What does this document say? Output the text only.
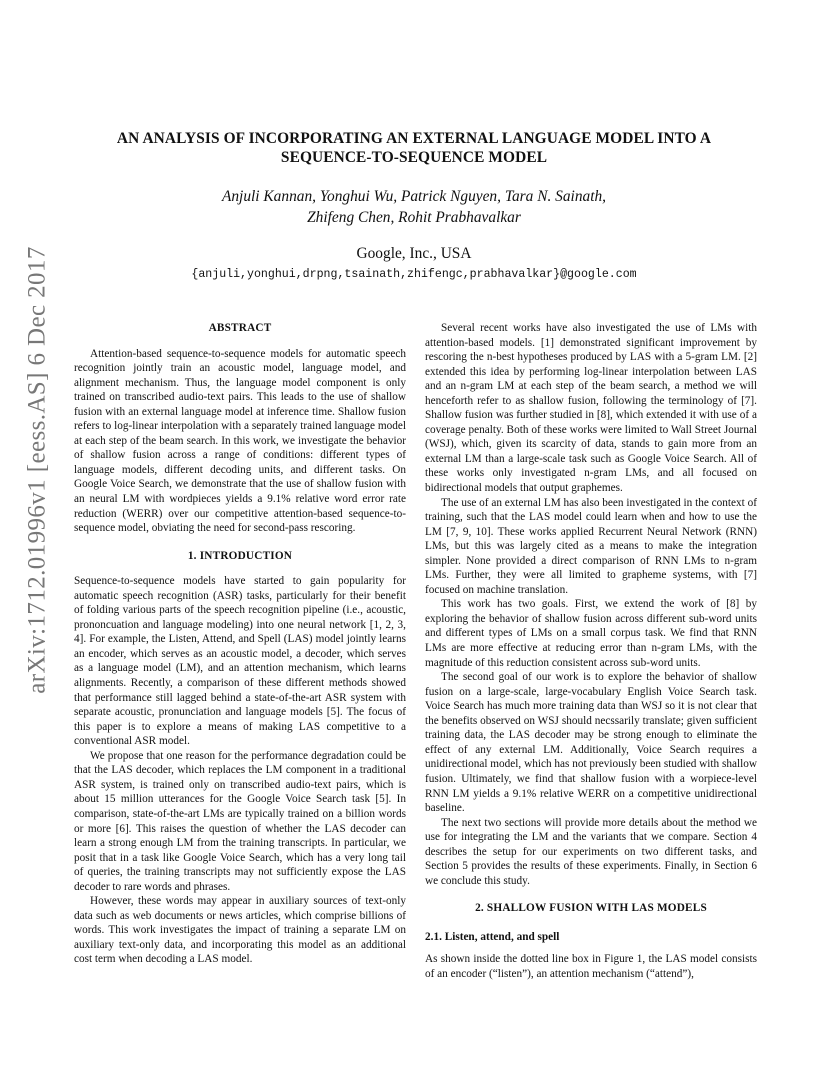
arXiv:1712.01996v1 [eess.AS] 6 Dec 2017
AN ANALYSIS OF INCORPORATING AN EXTERNAL LANGUAGE MODEL INTO A
SEQUENCE-TO-SEQUENCE MODEL
Anjuli Kannan, Yonghui Wu, Patrick Nguyen, Tara N. Sainath,
Zhifeng Chen, Rohit Prabhavalkar
Google, Inc., USA
{anjuli,yonghui,drpng,tsainath,zhifengc,prabhavalkar}@google.com
ABSTRACT

Attention-based sequence-to-sequence models for automatic speech recognition jointly train an acoustic model, language model, and alignment mechanism. Thus, the language model component is only trained on transcribed audio-text pairs. This leads to the use of shallow fusion with an external language model at inference time. Shallow fusion refers to log-linear interpolation with a separately trained language model at each step of the beam search. In this work, we investigate the behavior of shallow fusion across a range of conditions: different types of language models, different decoding units, and different tasks. On Google Voice Search, we demonstrate that the use of shallow fusion with an neural LM with wordpieces yields a 9.1% relative word error rate reduction (WERR) over our competitive attention-based sequence-to-sequence model, obviating the need for second-pass rescoring.

1. INTRODUCTION

Sequence-to-sequence models have started to gain popularity for automatic speech recognition (ASR) tasks, particularly for their benefit of folding various parts of the speech recognition pipeline (i.e., acoustic, prononcuation and language modeling) into one neural network [1, 2, 3, 4]. For example, the Listen, Attend, and Spell (LAS) model jointly learns an encoder, which serves as an acoustic model, a decoder, which serves as a language model (LM), and an attention mechanism, which learns alignments. Recently, a comparison of these different methods showed that performance still lagged behind a state-of-the-art ASR system with separate acoustic, pronunciation and language models [5]. The focus of this paper is to explore a means of making LAS competitive to a conventional ASR model.

We propose that one reason for the performance degradation could be that the LAS decoder, which replaces the LM component in a traditional ASR system, is trained only on transcribed audio-text pairs, which is about 15 million utterances for the Google Voice Search task [5]. In comparison, state-of-the-art LMs are typically trained on a billion words or more [6]. This raises the question of whether the LAS decoder can learn a strong enough LM from the training transcripts. In particular, we posit that in a task like Google Voice Search, which has a very long tail of queries, the training transcripts may not sufficiently expose the LAS decoder to rare words and phrases.

However, these words may appear in auxiliary sources of text-only data such as web documents or news articles, which comprise billions of words. This work investigates the impact of training a separate LM on auxiliary text-only data, and incorporating this model as an additional cost term when decoding a LAS model.

Several recent works have also investigated the use of LMs with attention-based models. [1] demonstrated significant improvement by rescoring the n-best hypotheses produced by LAS with a 5-gram LM. [2] extended this idea by performing log-linear interpolation between LAS and an n-gram LM at each step of the beam search, a method we will henceforth refer to as shallow fusion, following the terminology of [7]. Shallow fusion was further studied in [8], which extended it with use of a coverage penalty. Both of these works were limited to Wall Street Journal (WSJ), which, given its scarcity of data, stands to gain more from an external LM than a large-scale task such as Google Voice Search. All of these works only investigated n-gram LMs, and all focused on bidirectional models that output graphemes.

The use of an external LM has also been investigated in the context of training, such that the LAS model could learn when and how to use the LM [7, 9, 10]. These works applied Recurrent Neural Network (RNN) LMs, but this was largely cited as a means to make the integration simpler. None provided a direct comparison of RNN LMs to n-gram LMs. Further, they were all limited to grapheme systems, with [7] focused on machine translation.

This work has two goals. First, we extend the work of [8] by exploring the behavior of shallow fusion across different sub-word units and different types of LMs on a small corpus task. We find that RNN LMs are more effective at reducing error than n-gram LMs, with the magnitude of this reduction consistent across sub-word units.

The second goal of our work is to explore the behavior of shallow fusion on a large-scale, large-vocabulary English Voice Search task. Voice Search has much more training data than WSJ so it is not clear that the benefits observed on WSJ should necssarily translate; given sufficient training data, the LAS decoder may be strong enough to eliminate the effect of any external LM. Additionally, Voice Search requires a unidirectional model, which has not previously been studied with shallow fusion. Ultimately, we find that shallow fusion with a worpiece-level RNN LM yields a 9.1% relative WERR on a competitive unidirectional baseline.

The next two sections will provide more details about the method we use for integrating the LM and the variants that we compare. Section 4 describes the setup for our experiments on two different tasks, and Section 5 provides the results of these experiments. Finally, in Section 6 we conclude this study.

2. SHALLOW FUSION WITH LAS MODELS
2.1. Listen, attend, and spell

As shown inside the dotted line box in Figure 1, the LAS model consists of an encoder (“listen”), an attention mechanism (“attend”),
